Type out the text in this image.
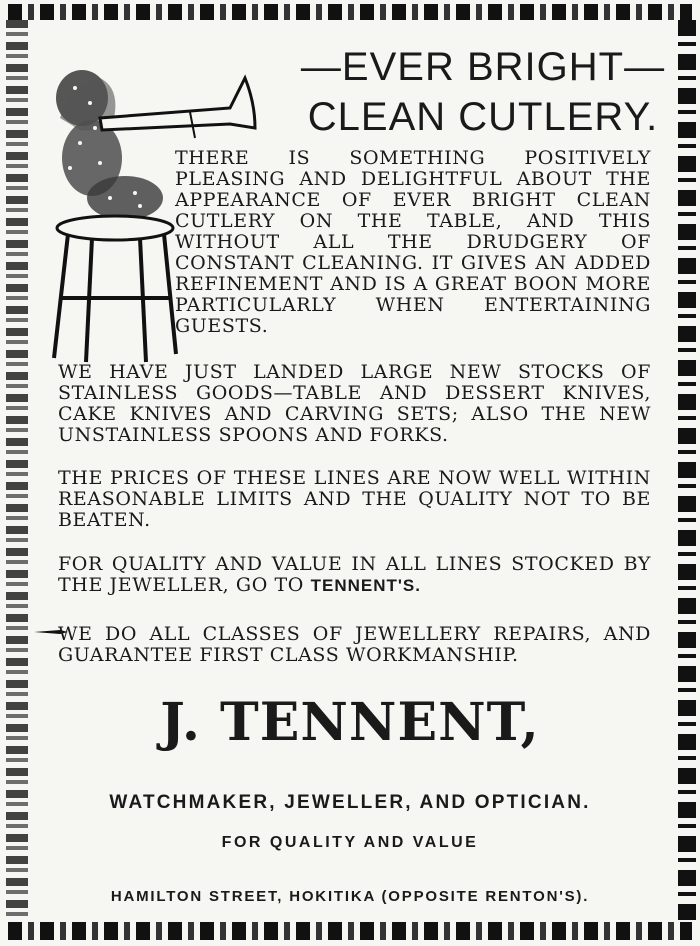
—EVER BRIGHT—
CLEAN CUTLERY.
THERE IS SOMETHING POSITIVELY PLEASING AND DELIGHTFUL ABOUT THE APPEARANCE OF EVER BRIGHT CLEAN CUTLERY ON THE TABLE, AND THIS WITHOUT ALL THE DRUDGERY OF CONSTANT CLEANING. IT GIVES AN ADDED REFINEMENT AND IS A GREAT BOON MORE PARTICULARLY WHEN ENTERTAINING GUESTS.
WE HAVE JUST LANDED LARGE NEW STOCKS OF STAINLESS GOODS—TABLE AND DESSERT KNIVES, CAKE KNIVES AND CARVING SETS; ALSO THE NEW UNSTAINLESS SPOONS AND FORKS.
THE PRICES OF THESE LINES ARE NOW WELL WITHIN REASONABLE LIMITS AND THE QUALITY NOT TO BE BEATEN.
FOR QUALITY AND VALUE IN ALL LINES STOCKED BY THE JEWELLER, GO TO TENNENT'S.
WE DO ALL CLASSES OF JEWELLERY REPAIRS, AND GUARANTEE FIRST CLASS WORKMANSHIP.
J. TENNENT,
WATCHMAKER, JEWELLER, AND OPTICIAN.
FOR QUALITY AND VALUE
HAMILTON STREET, HOKITIKA (OPPOSITE RENTON'S).
